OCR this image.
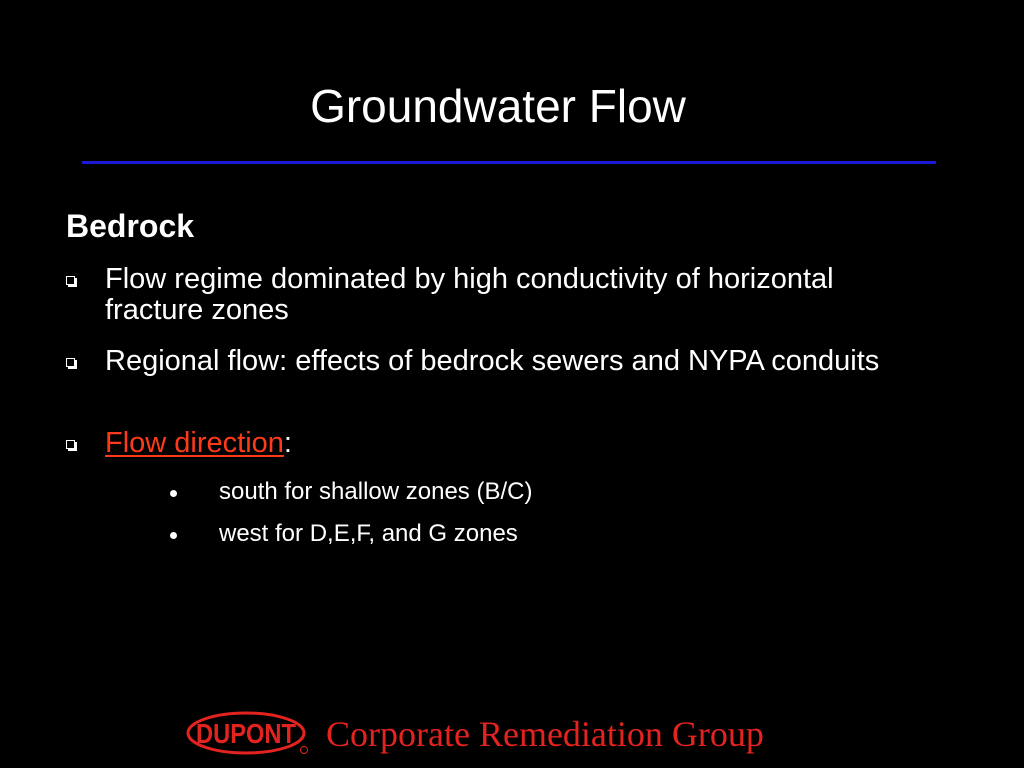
Groundwater Flow
Bedrock
Flow regime dominated by high conductivity of horizontal fracture zones
Regional flow: effects of bedrock sewers and NYPA conduits
Flow direction:
south for shallow zones (B/C)
west for D,E,F, and G zones
DUPONT Corporate Remediation Group
